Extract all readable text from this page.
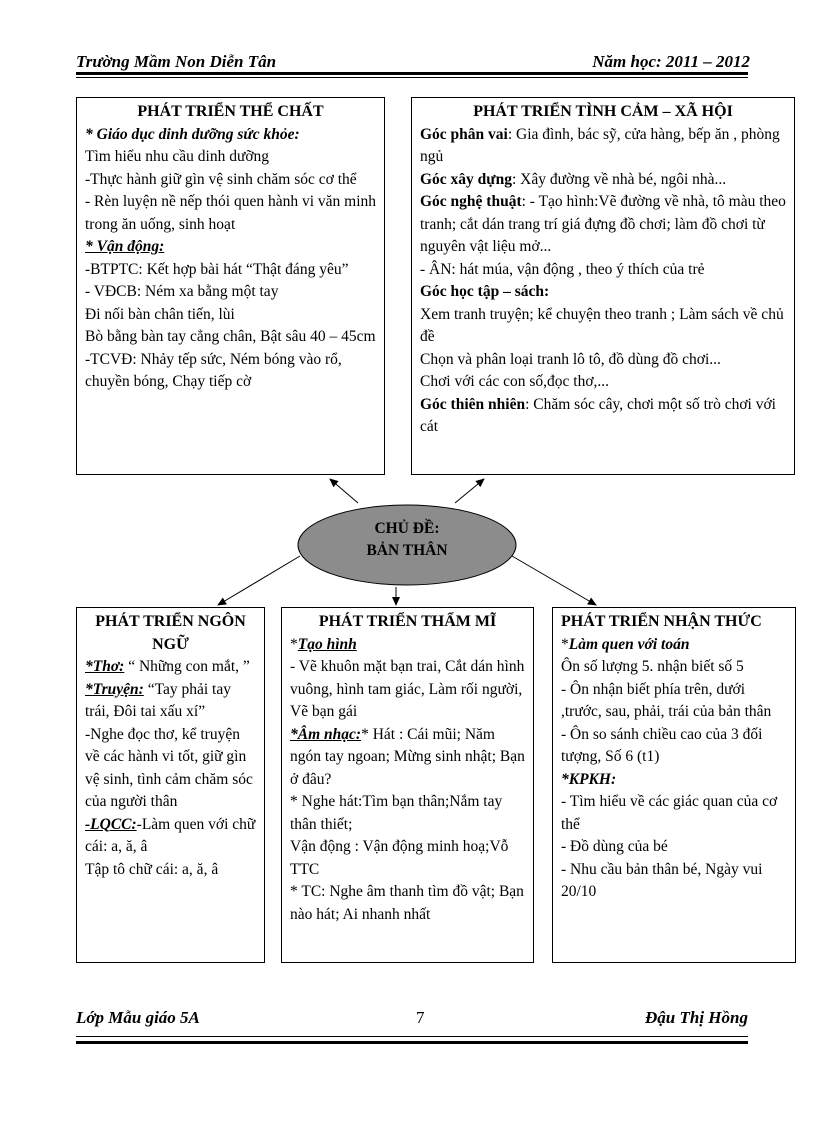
Trường Mầm Non Diễn Tân	Năm học: 2011 – 2012
CHỦ ĐỀ:
BẢN THÂN
PHÁT TRIỂN THỂ CHẤT

* Giáo dục dinh dưỡng sức khỏe:

Tìm hiểu nhu cầu dinh dưỡng

-Thực hành giữ gìn vệ sinh chăm sóc cơ thể

- Rèn luyện nề nếp thói quen hành vi văn minh trong ăn uống, sinh hoạt

* Vận động:

-BTPTC: Kết hợp bài hát “Thật đáng yêu”

- VĐCB: Ném xa bằng một tay

Đi nối bàn chân tiến, lùi

Bò bằng bàn tay cẳng chân, Bật sâu 40 – 45cm

-TCVĐ: Nhảy tếp sức, Ném bóng vào rổ, chuyền bóng, Chạy tiếp cờ

PHÁT TRIỂN TÌNH CẢM – XÃ HỘI

Góc phân vai: Gia đình, bác sỹ, cửa hàng, bếp ăn , phòng ngủ

Góc xây dựng: Xây đường về nhà bé, ngôi nhà...

Góc nghệ thuật: - Tạo hình:Vẽ đường về nhà, tô màu theo tranh; cắt dán trang trí giá đựng đồ chơi; làm đồ chơi từ nguyên vật liệu mở...

- ÂN: hát múa, vận động , theo ý thích của trẻ

Góc học tập – sách:

Xem tranh truyện; kể chuyện theo tranh ; Làm sách về chủ đề

Chọn và phân loại tranh lô tô, đồ dùng đồ chơi...

Chơi với các con số,đọc thơ,...

Góc thiên nhiên: Chăm sóc cây, chơi một số trò chơi với cát

PHÁT TRIỂN NGÔN NGỮ

*Thơ: “ Những con mắt, ”

*Truyện: “Tay phải tay trái, Đôi tai xấu xí”

-Nghe đọc thơ, kể truyện về các hành vi tốt, giữ gìn vệ sinh, tình cảm chăm sóc của người thân

-LQCC:-Làm quen với chữ cái: a, ă, â

Tập tô chữ cái: a, ă, â

PHÁT TRIỂN THẨM MĨ

*Tạo hình

- Vẽ khuôn mặt bạn trai, Cắt dán hình vuông, hình tam giác, Làm rối người, Vẽ bạn gái

*Âm nhạc:* Hát : Cái mũi; Năm ngón tay ngoan; Mừng sinh nhật; Bạn ở đâu?

* Nghe hát:Tìm bạn thân;Nắm tay thân thiết;

Vận động : Vận động minh hoạ;Vỗ TTC

* TC: Nghe âm thanh tìm đồ vật; Bạn nào hát; Ai nhanh nhất

PHÁT TRIỂN NHẬN THỨC

*Làm quen với toán

Ôn số lượng 5. nhận biết số 5

- Ôn nhận biết phía trên, dưới ,trước, sau, phải, trái của bản thân

- Ôn so sánh chiều cao của 3 đối tượng, Số 6 (t1)

*KPKH:

- Tìm hiểu về các giác quan của cơ thể

- Đồ dùng của bé

- Nhu cầu bản thân bé, Ngày vui 20/10

Lớp Mẫu giáo 5A	7	Đậu Thị Hồng
